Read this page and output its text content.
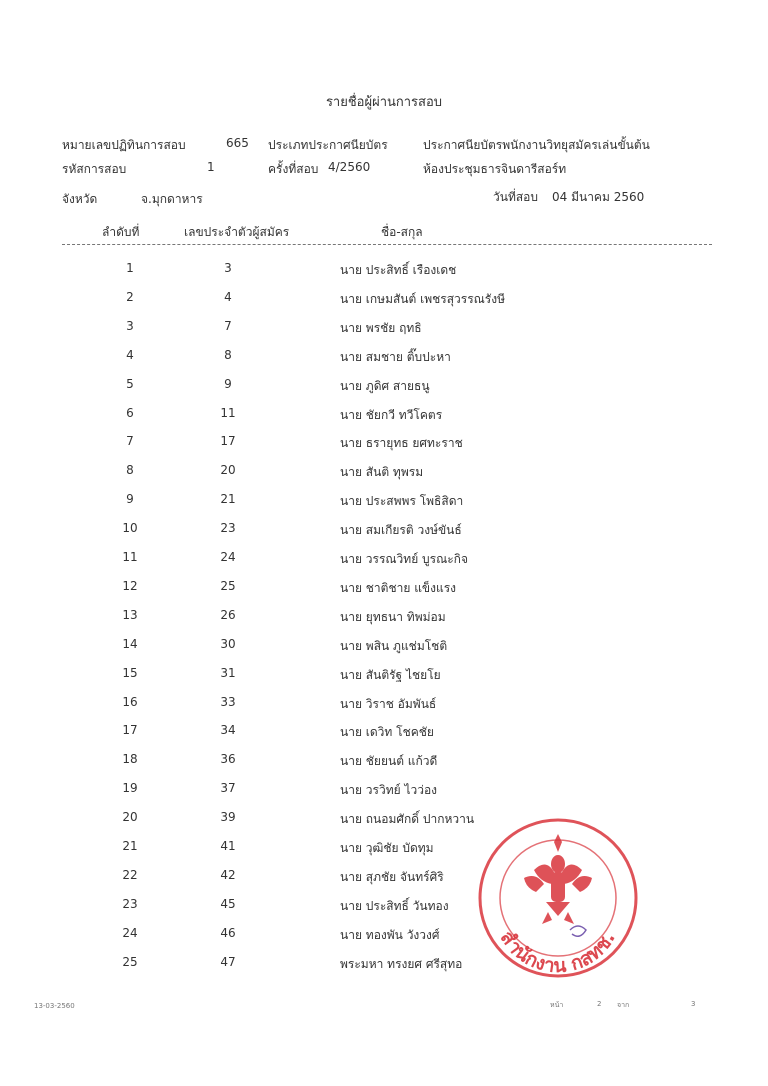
รายชื่อผู้ผ่านการสอบ
หมายเลขปฏิทินการสอบ	665 ประเภทประกาศนียบัตร	ประกาศนียบัตรพนักงานวิทยุสมัครเล่นขั้นต้น
รหัสการสอบ	1	ครั้งที่สอบ 4/2560	ห้องประชุมธารจินดารีสอร์ท
จังหวัด	จ.มุกดาหาร	วันที่สอบ 04 มีนาคม 2560
ลำดับที่	เลขประจำตัวผู้สมัคร	ชื่อ-สกุล
1	3	นาย ประสิทธิ์ เรืองเดช
2	4	นาย เกษมสันต์ เพชรสุวรรณรังษี
3	7	นาย พรชัย ฤทธิ
4	8	นาย สมชาย ติ๊บปะหา
5	9	นาย ภูดิศ สายธนู
6	11	นาย ชัยกวี ทวีโคตร
7	17	นาย ธรายุทธ ยศทะราช
8	20	นาย สันติ ทุพรม
9	21	นาย ประสพพร โพธิสิดา
10	23	นาย สมเกียรติ วงษ์ขันธ์
11	24	นาย วรรณวิทย์ บูรณะกิจ
12	25	นาย ชาติชาย แข็งแรง
13	26	นาย ยุทธนา ทิพม่อม
14	30	นาย พสิน ภูแช่มโชติ
15	31	นาย สันติรัฐ ไชยโย
16	33	นาย วิราช อัมพันธ์
17	34	นาย เดวิท โชคชัย
18	36	นาย ชัยยนต์ แก้วดี
19	37	นาย วรวิทย์ ไวว่อง
20	39	นาย ถนอมศักดิ์ ปากหวาน
21	41	นาย วุฒิชัย บัดทุม
22	42	นาย สุภชัย จันทร์ศิริ
23	45	นาย ประสิทธิ์ วันทอง
24	46	นาย ทองพัน วังวงศ์
25	47	พระมหา ทรงยศ ศรีสุทอ
สำนักงาน กสทช.
13-03-2560	หน้า	2 จาก	3
